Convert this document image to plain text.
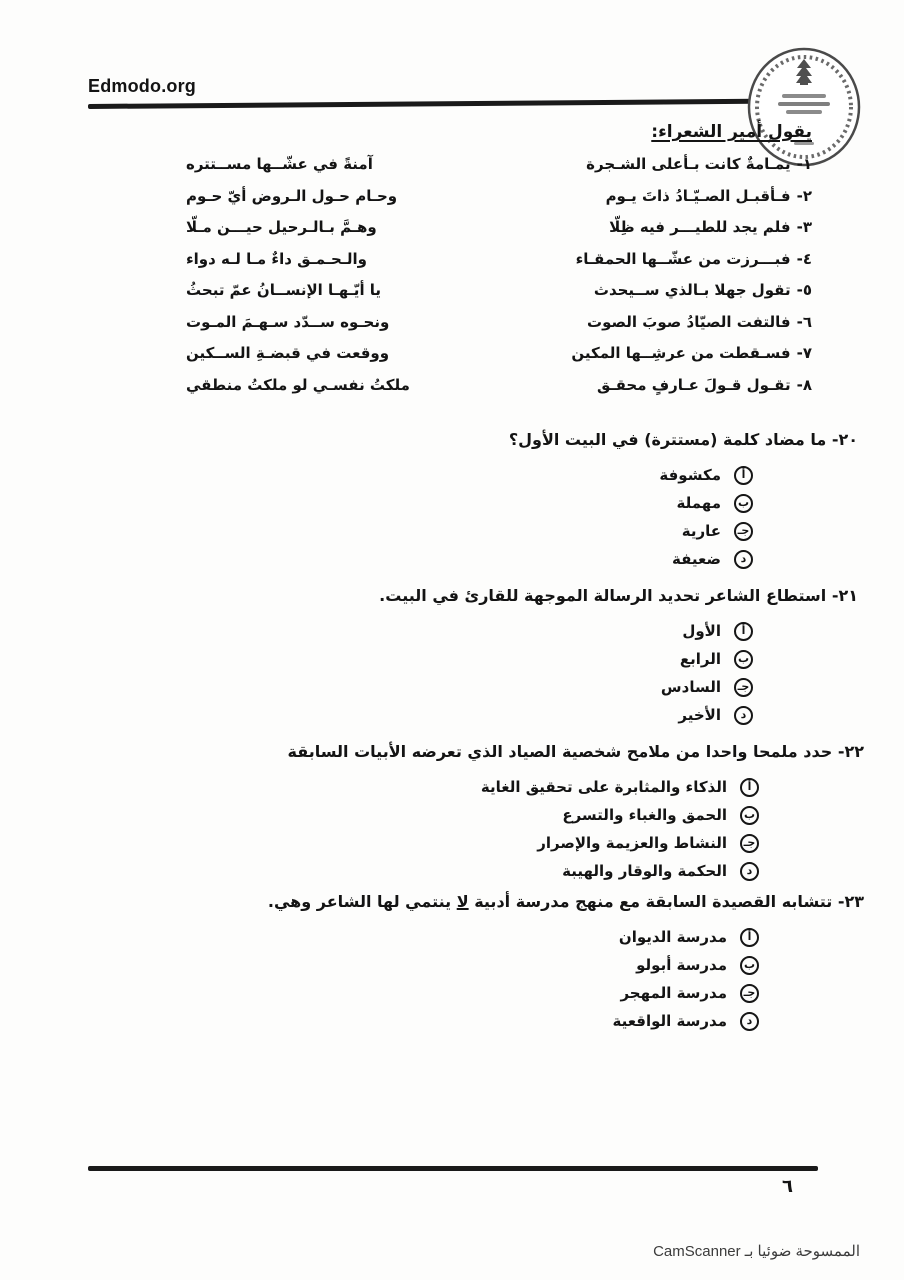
Edmodo.org
يقول أمير الشعراء:
١-يمـامةٌ كانت بـأعلى الشـجرة
آمنةً في عشّــها مســتتره
٢-فـأقبـل الصـيّـادُ ذاتَ يـوم
وحـام حـول الـروض أيّ حـوم
٣-فلم يجد للطيـــر فيه ظِلّا
وهـمَّ بـالـرحيل حيـــن مـلّا
٤-فبـــرزت من عشّــها الحمقـاء
والـحـمـق داءٌ مـا لـه دواء
٥-تقول جهلا بـالذي ســيحدث
يا أيّـهـا الإنســانُ عمّ تبحثُ
٦-فالتفت الصيّادُ صوبَ الصوت
ونحـوه ســدّد سـهـمَ المـوت
٧-فسـقطت من عرشِــها المكين
ووقعت في قبضـةِ الســكين
٨-تقـول قـولَ عـارفٍ محقـق
ملكتُ نفسـي لو ملكتُ منطقي
٢٠- ما مضاد كلمة (مستترة) في البيت الأول؟
أ
مكشوفة
ب
مهملة
جـ
عارية
د
ضعيفة
٢١- استطاع الشاعر تحديد الرسالة الموجهة للقارئ في البيت.
أ
الأول
ب
الرابع
جـ
السادس
د
الأخير
٢٢- حدد ملمحا واحدا من ملامح شخصية الصياد الذي تعرضه الأبيات السابقة
أ
الذكاء والمثابرة على تحقيق الغاية
ب
الحمق والغباء والتسرع
جـ
النشاط والعزيمة والإصرار
د
الحكمة والوقار والهيبة
٢٣- تتشابه القصيدة السابقة مع منهج مدرسة أدبية لا ينتمي لها الشاعر وهي.
أ
مدرسة الديوان
ب
مدرسة أبولو
جـ
مدرسة المهجر
د
مدرسة الواقعية
٦
الممسوحة ضوئيا بـ CamScanner
